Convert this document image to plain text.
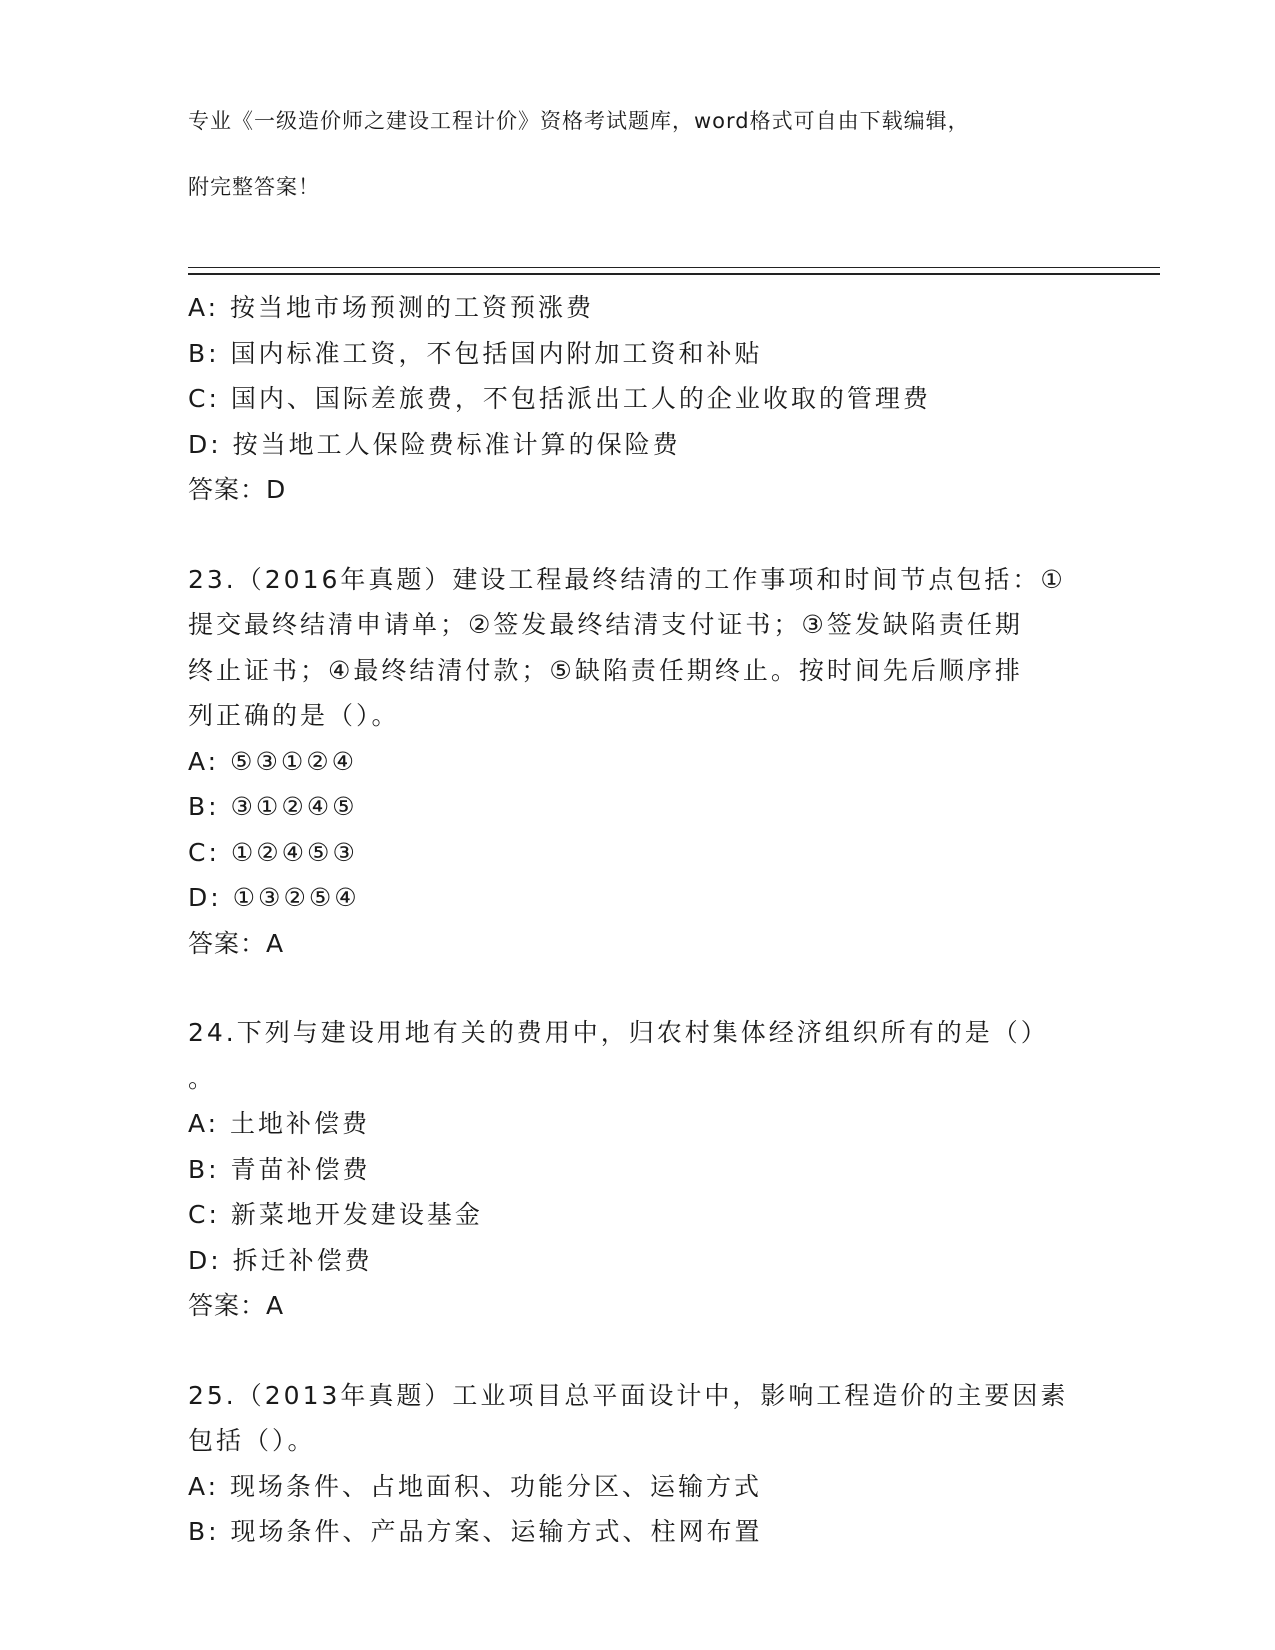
专业《一级造价师之建设工程计价》资格考试题库，word格式可自由下载编辑，

附完整答案！

A: 按当地市场预测的工资预涨费
B: 国内标准工资，不包括国内附加工资和补贴
C: 国内、国际差旅费，不包括派出工人的企业收取的管理费
D: 按当地工人保险费标准计算的保险费
答案：D
23.（2016年真题）建设工程最终结清的工作事项和时间节点包括：①
提交最终结清申请单；②签发最终结清支付证书；③签发缺陷责任期
终止证书；④最终结清付款；⑤缺陷责任期终止。按时间先后顺序排
列正确的是（）。
A: ⑤③①②④
B: ③①②④⑤
C: ①②④⑤③
D: ①③②⑤④
答案：A
24.下列与建设用地有关的费用中，归农村集体经济组织所有的是（）
。
A: 土地补偿费
B: 青苗补偿费
C: 新菜地开发建设基金
D: 拆迁补偿费
答案：A
25.（2013年真题）工业项目总平面设计中，影响工程造价的主要因素
包括（）。
A: 现场条件、占地面积、功能分区、运输方式
B: 现场条件、产品方案、运输方式、柱网布置
